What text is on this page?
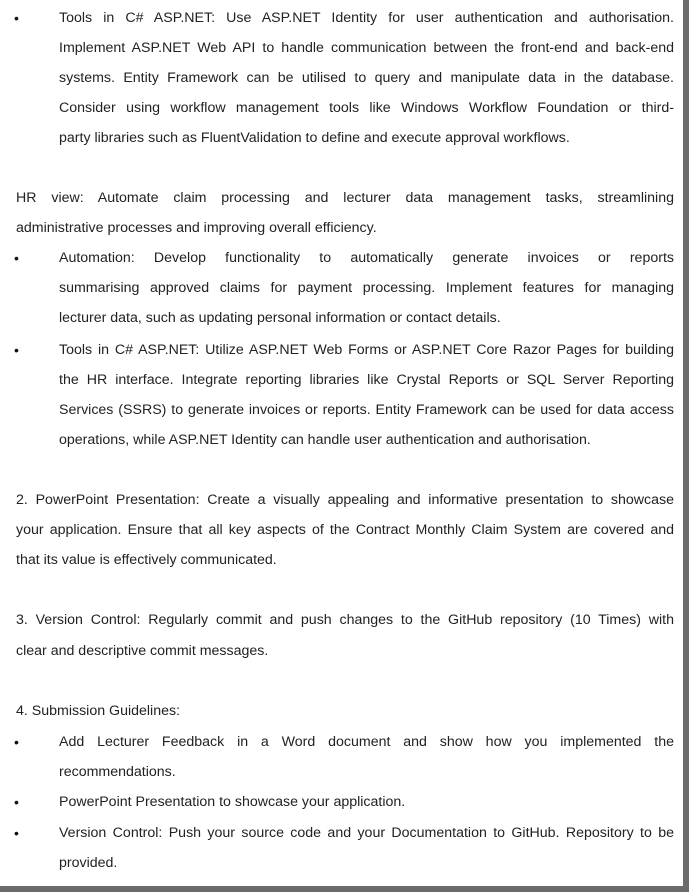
•	Tools in C# ASP.NET: Use ASP.NET Identity for user authentication and authorisation.

Implement ASP.NET Web API to handle communication between the front-end and back-end

systems. Entity Framework can be utilised to query and manipulate data in the database.

Consider using workflow management tools like Windows Workflow Foundation or third-

party libraries such as FluentValidation to define and execute approval workflows.

HR view: Automate claim processing and lecturer data management tasks, streamlining

administrative processes and improving overall efficiency.

•	Automation: Develop functionality to automatically generate invoices or reports

summarising approved claims for payment processing. Implement features for managing

lecturer data, such as updating personal information or contact details.

•	Tools in C# ASP.NET: Utilize ASP.NET Web Forms or ASP.NET Core Razor Pages for building

the HR interface. Integrate reporting libraries like Crystal Reports or SQL Server Reporting

Services (SSRS) to generate invoices or reports. Entity Framework can be used for data access

operations, while ASP.NET Identity can handle user authentication and authorisation.

2. PowerPoint Presentation: Create a visually appealing and informative presentation to showcase

your application. Ensure that all key aspects of the Contract Monthly Claim System are covered and

that its value is effectively communicated.

3. Version Control: Regularly commit and push changes to the GitHub repository (10 Times) with

clear and descriptive commit messages.

4. Submission Guidelines:

•	Add Lecturer Feedback in a Word document and show how you implemented the

recommendations.

•	PowerPoint Presentation to showcase your application.

•	Version Control: Push your source code and your Documentation to GitHub. Repository to be

provided.
